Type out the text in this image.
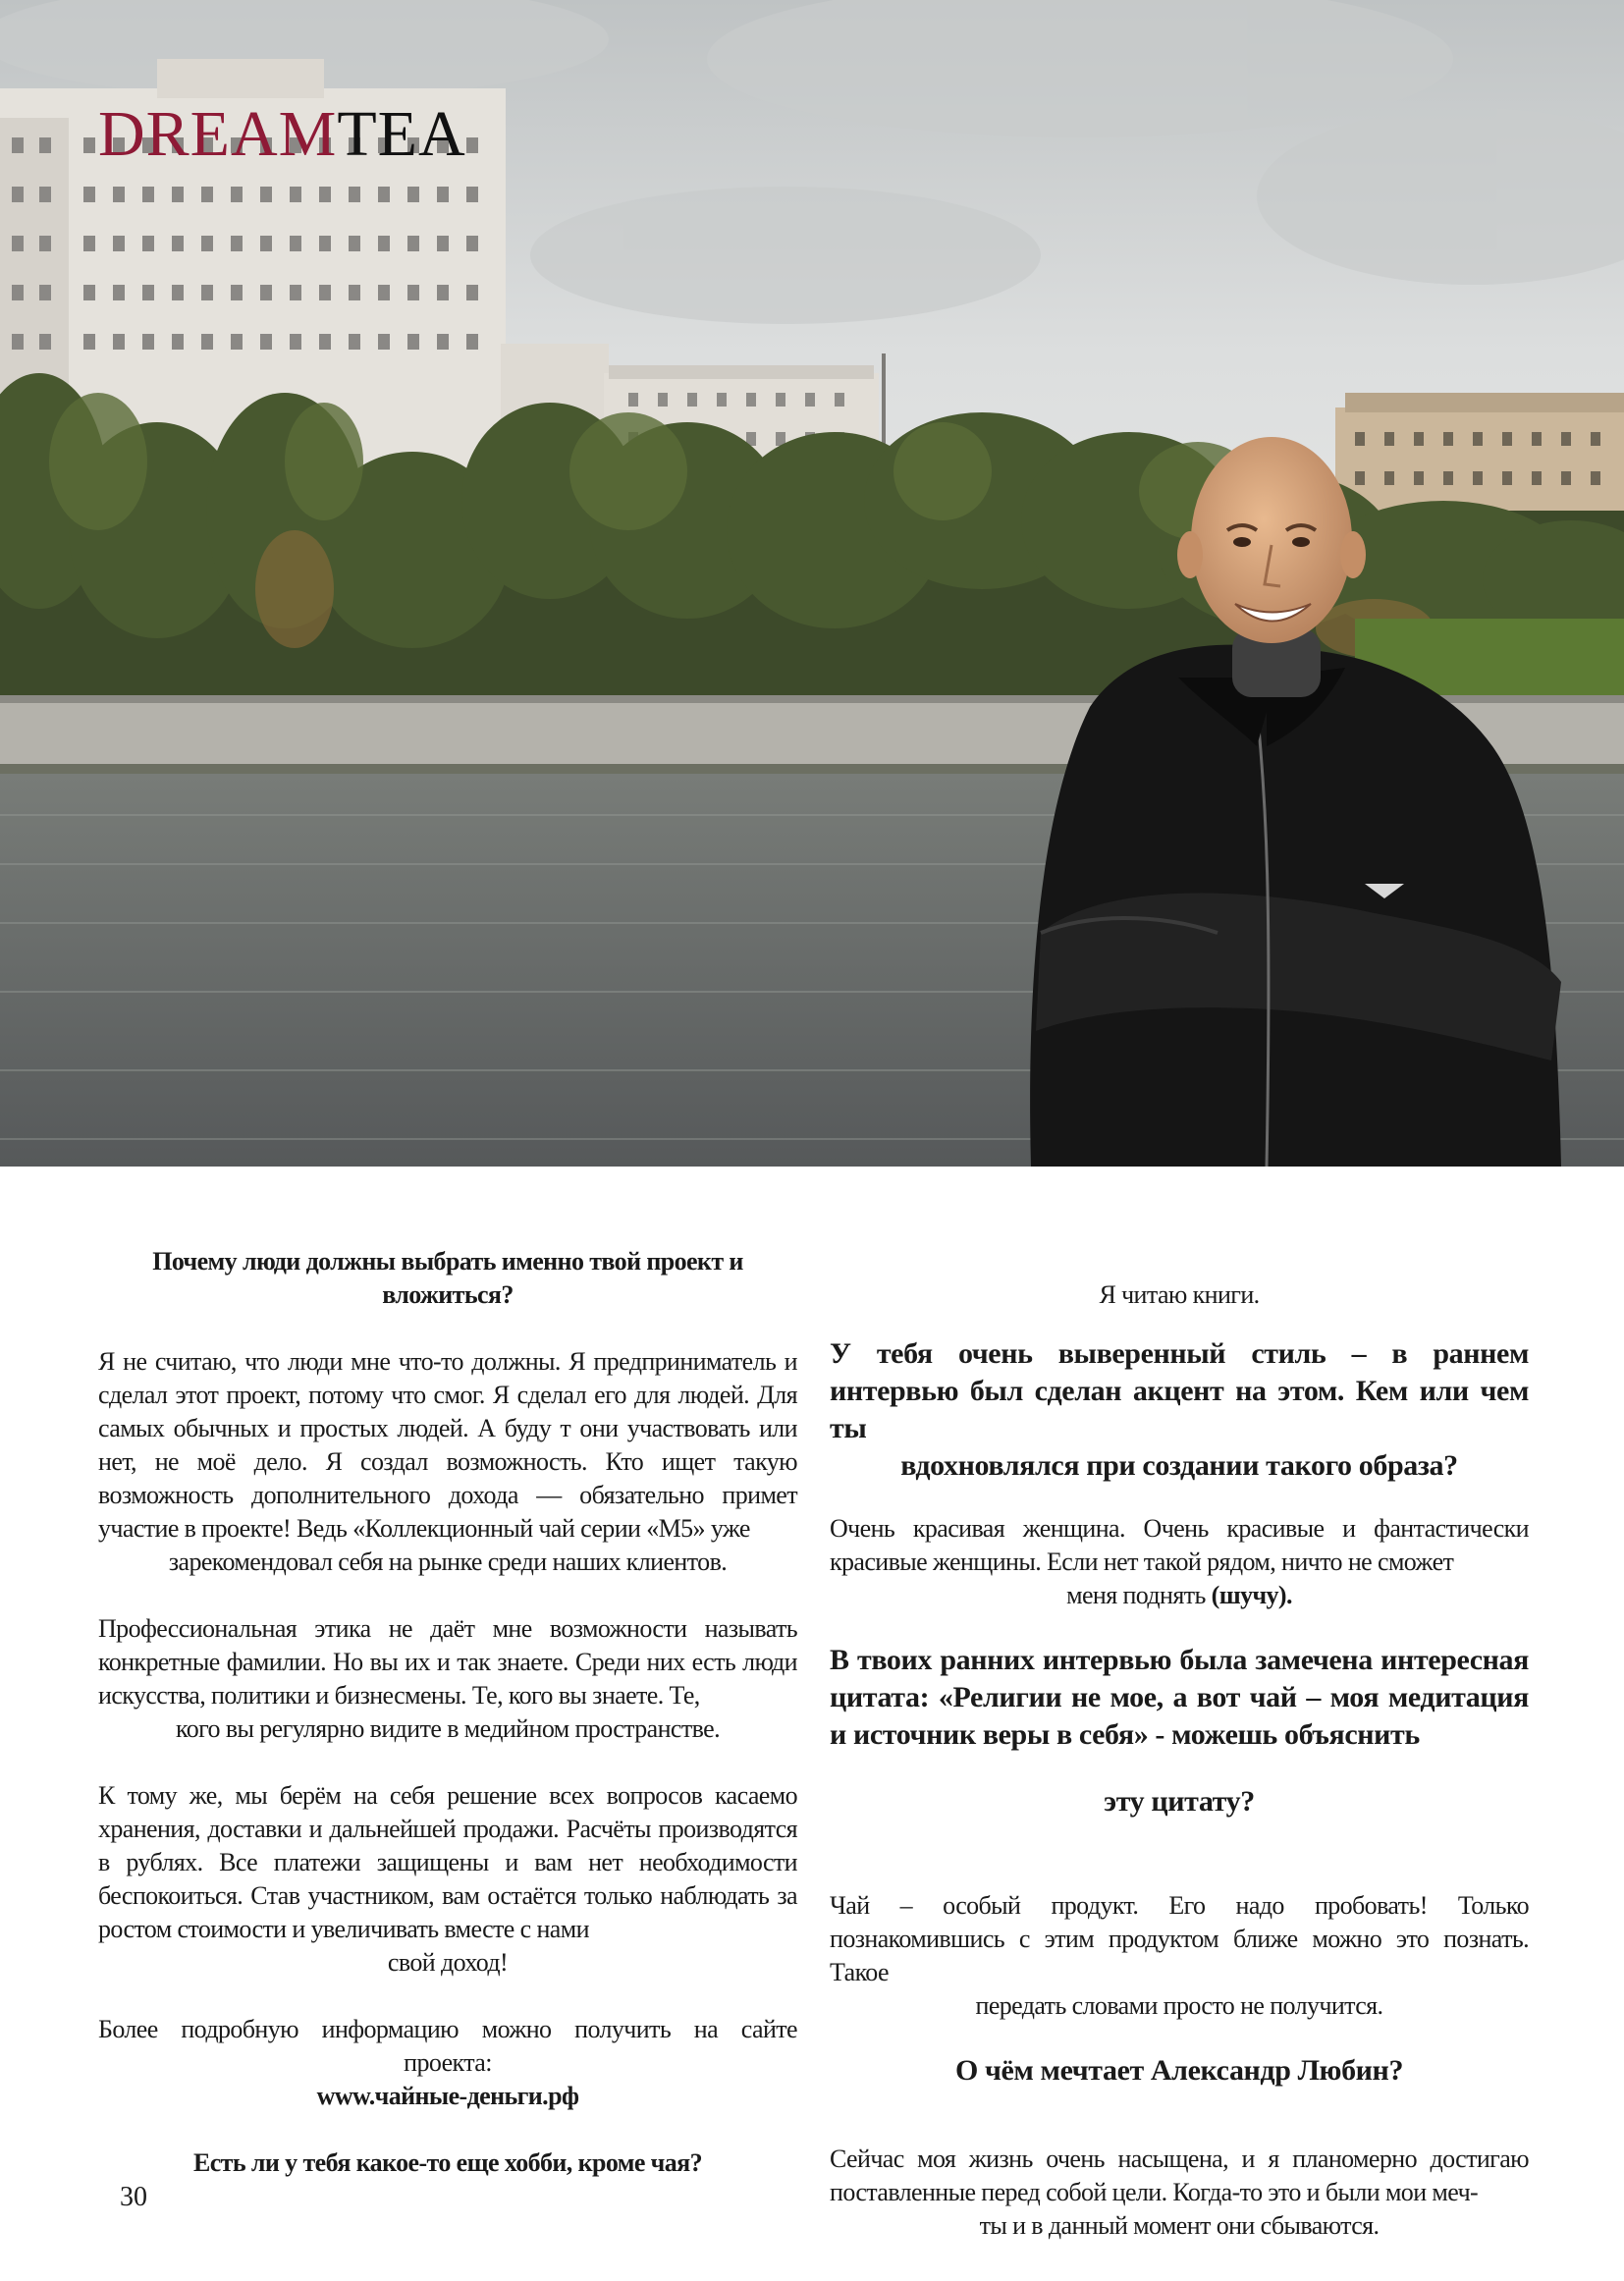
DREAMTEA

Почему люди должны выбрать именно твой проект и вложиться?

Я не считаю, что люди мне что-то должны. Я предприниматель и сделал этот проект, потому что смог. Я сделал его для людей. Для самых обычных и простых людей. А буду т они участвовать или нет, не моё дело. Я создал возможность. Кто ищет такую возможность дополнительного дохода — обязательно примет участие в проекте! Ведь «Коллекционный чай серии «М5» уже

зарекомендовал себя на рынке среди наших клиентов.

Профессиональная этика не даёт мне возможности называть конкретные фамилии. Но вы их и так знаете. Среди них есть люди искусства, политики и бизнесмены. Те, кого вы знаете. Те,

кого вы регулярно видите в медийном пространстве.

К тому же, мы берём на себя решение всех вопросов касаемо хранения, доставки и дальнейшей продажи. Расчёты производятся в рублях. Все платежи защищены и вам нет необходимости беспокоиться. Став участником, вам остаётся только наблюдать за ростом стоимости и увеличивать вместе с нами

свой доход!

Более подробную информацию можно получить на сайте

проекта:

www.чайные-деньги.рф

Есть ли у тебя какое-то еще хобби, кроме чая?

Я читаю книги.

У тебя очень выверенный стиль – в раннем интервью был сделан акцент на этом. Кем или чем ты

вдохновлялся при создании такого образа?

Очень красивая женщина. Очень красивые и фантастически красивые женщины. Если нет такой рядом, ничто не сможет

меня поднять (шучу).

В твоих ранних интервью была замечена интересная цитата: «Религии не мое, а вот чай – моя медитация и источник веры в себя» - можешь объяснить

эту цитату?

Чай – особый продукт. Его надо пробовать! Только познакомившись с этим продуктом ближе можно это познать. Такое

передать словами просто не получится.

О чём мечтает Александр Любин?

Сейчас моя жизнь очень насыщена, и я планомерно достигаю поставленные перед собой цели. Когда-то это и были мои меч-

ты и в данный момент они сбываются.

30
